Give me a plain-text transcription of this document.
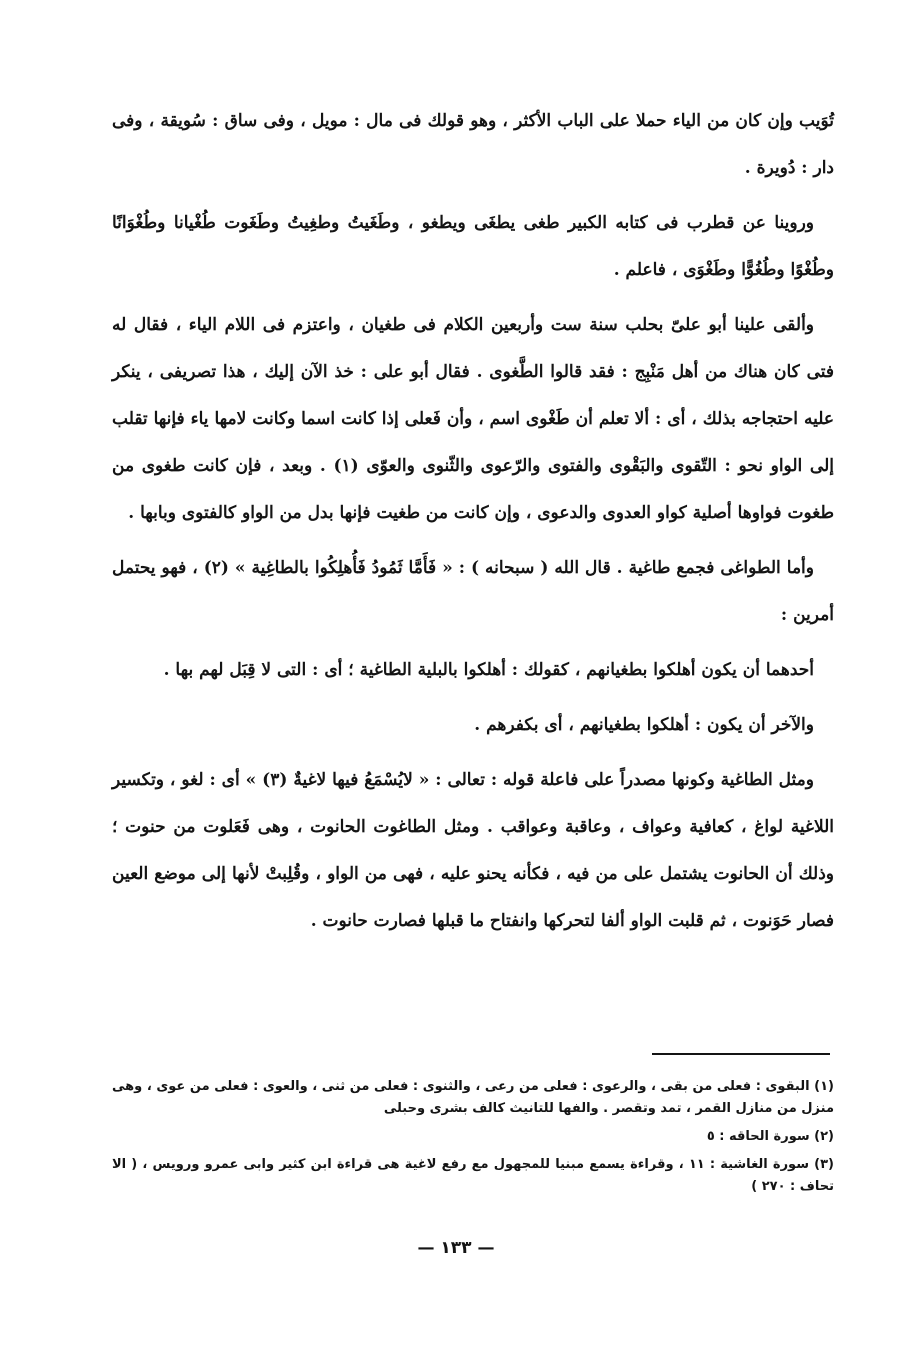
تُوَيب وإن كان من الياء حملا على الباب الأكثر ، وهو قولك فى مال : مويل ، وفى ساق : سُويقة ، وفى دار : دُويرة .

وروينا عن قطرب فى كتابه الكبير طغى يطغَى ويطغو ، وطَغَيتُ وطغِيتُ وطَغَوت طُغْيانا وطُغْوَانًا وطُغْوًا وطُغُوًّا وطَغْوَى ، فاعلم .

وألقى علينا أبو علىّ بحلب سنة ست وأربعين الكلام فى طغيان ، واعتزم فى اللام الياء ، فقال له فتى كان هناك من أهل مَنْبِج : فقد قالوا الطَّغوى . فقال أبو على : خذ الآن إليك ، هذا تصريفى ، ينكر عليه احتجاجه بذلك ، أى : ألا تعلم أن طَغْوى اسم ، وأن فَعلى إذا كانت اسما وكانت لامها ياء فإنها تقلب إلى الواو نحو : التّقوى والبَقْوى والفتوى والرّعوى والثّنوى والعوّى (١) . وبعد ، فإن كانت طغوى من طغوت فواوها أصلية كواو العدوى والدعوى ، وإن كانت من طغيت فإنها بدل من الواو كالفتوى وبابها .

وأما الطواغى فجمع طاغية . قال الله ( سبحانه ) : « فَأَمَّا ثَمُودُ فَأُهلِكُوا بالطاغِية » (٢) ، فهو يحتمل أمرين :

أحدهما أن يكون أهلكوا بطغيانهم ، كقولك : أهلكوا بالبلية الطاغية ؛ أى : التى لا قِبَل لهم بها .

والآخر أن يكون : أهلكوا بطغيانهم ، أى بكفرهم .

ومثل الطاغية وكونها مصدراً على فاعلة قوله : تعالى : « لايُسْمَعُ فيها لاغيةٌ (٣) » أى : لغو ، وتكسير اللاغية لواغ ، كعافية وعواف ، وعاقبة وعواقب . ومثل الطاغوت الحانوت ، وهى فَعَلوت من حنوت ؛ وذلك أن الحانوت يشتمل على من فيه ، فكأنه يحنو عليه ، فهى من الواو ، وقُلِبتْ لأنها إلى موضع العين فصار حَوَنوت ، ثم قلبت الواو ألفا لتحركها وانفتاح ما قبلها فصارت حانوت .

(١) البقوى : فعلى من بقى ، والرعوى : فعلى من رعى ، والثنوى : فعلى من ثنى ، والعوى : فعلى من عوى ، وهى منزل من منازل القمر ، تمد وتقصر . والفها للتانيث كالف بشرى وحبلى

(٢) سورة الحاقه : ٥

(٣) سورة الغاشية : ١١ ، وقراءة يسمع مبنيا للمجهول مع رفع لاغية هى قراءة ابن كثير وابى عمرو ورويس ، ( الا تحاف : ٢٧٠ )

— ١٣٣ —
